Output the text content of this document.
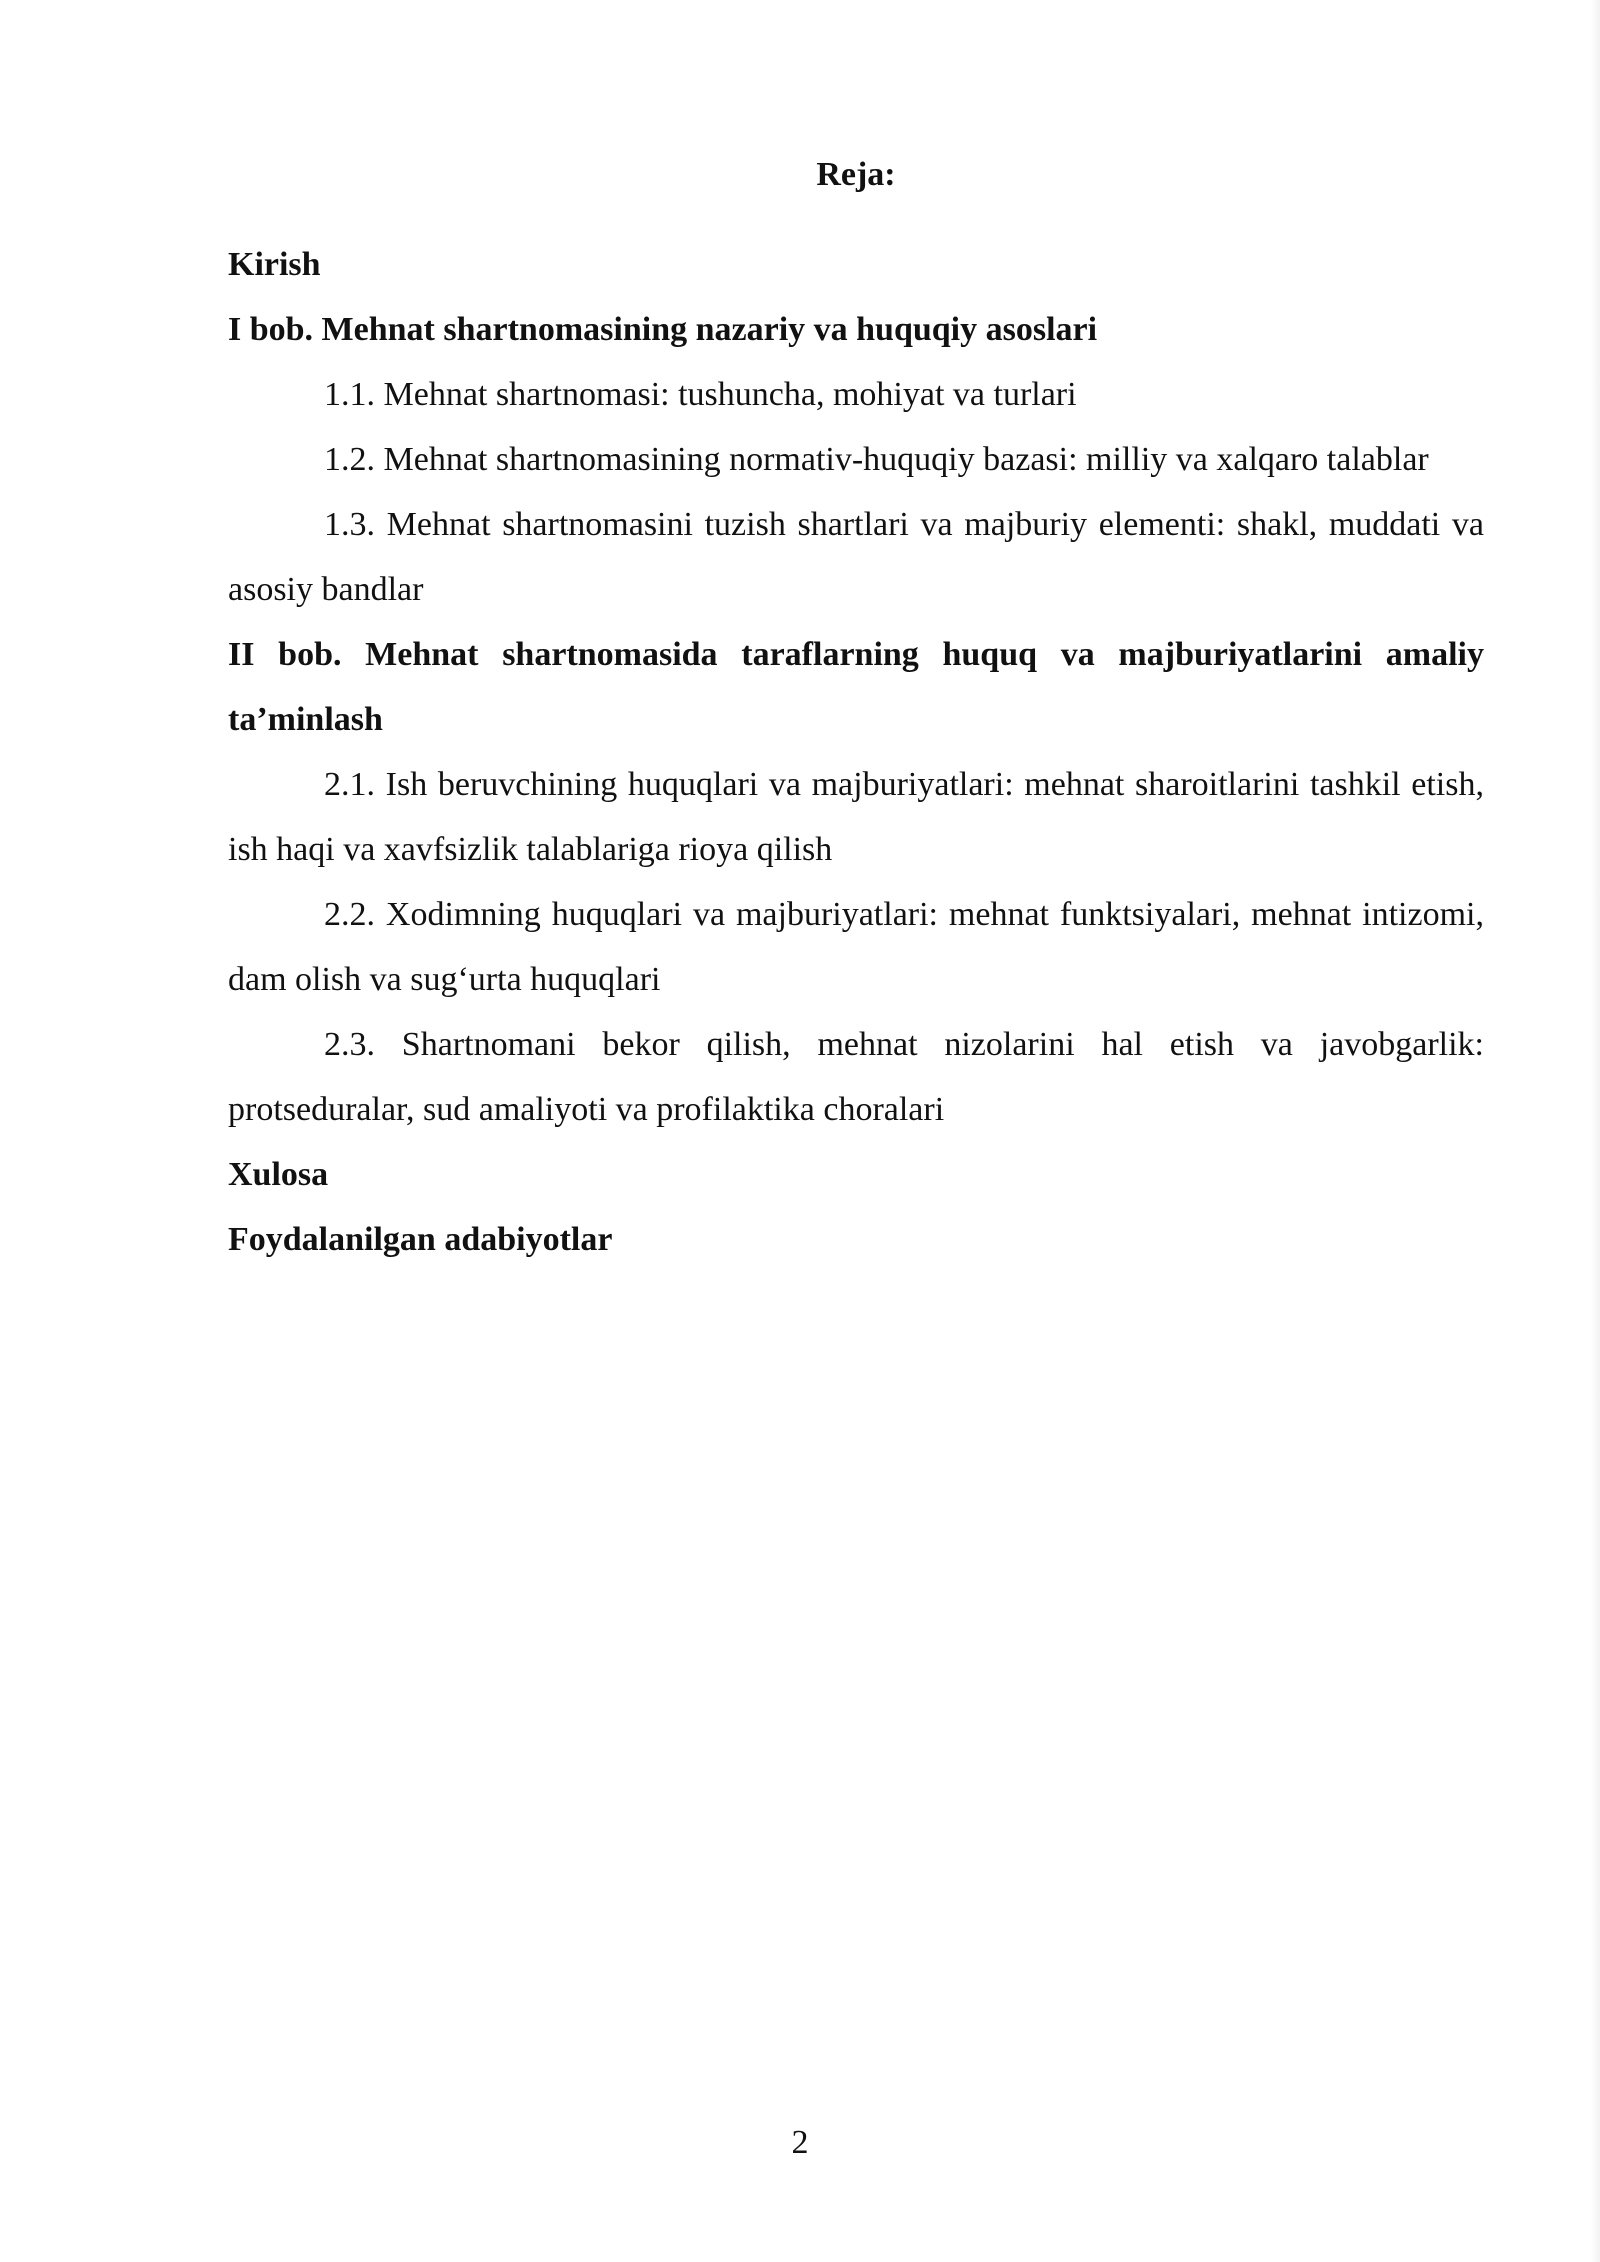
Reja:

Kirish

I bob. Mehnat shartnomasining nazariy va huquqiy asoslari

1.1. Mehnat shartnomasi: tushuncha, mohiyat va turlari

1.2. Mehnat shartnomasining normativ-huquqiy bazasi: milliy va xalqaro talablar

1.3. Mehnat shartnomasini tuzish shartlari va majburiy elementi: shakl, muddati va asosiy bandlar

II bob. Mehnat shartnomasida taraflarning huquq va majburiyatlarini amaliy ta’minlash

2.1. Ish beruvchining huquqlari va majburiyatlari: mehnat sharoitlarini tashkil etish, ish haqi va xavfsizlik talablariga rioya qilish

2.2. Xodimning huquqlari va majburiyatlari: mehnat funktsiyalari, mehnat intizomi, dam olish va sug‘urta huquqlari

2.3. Shartnomani bekor qilish, mehnat nizolarini hal etish va javobgarlik: protseduralar, sud amaliyoti va profilaktika choralari

Xulosa

Foydalanilgan adabiyotlar

2
